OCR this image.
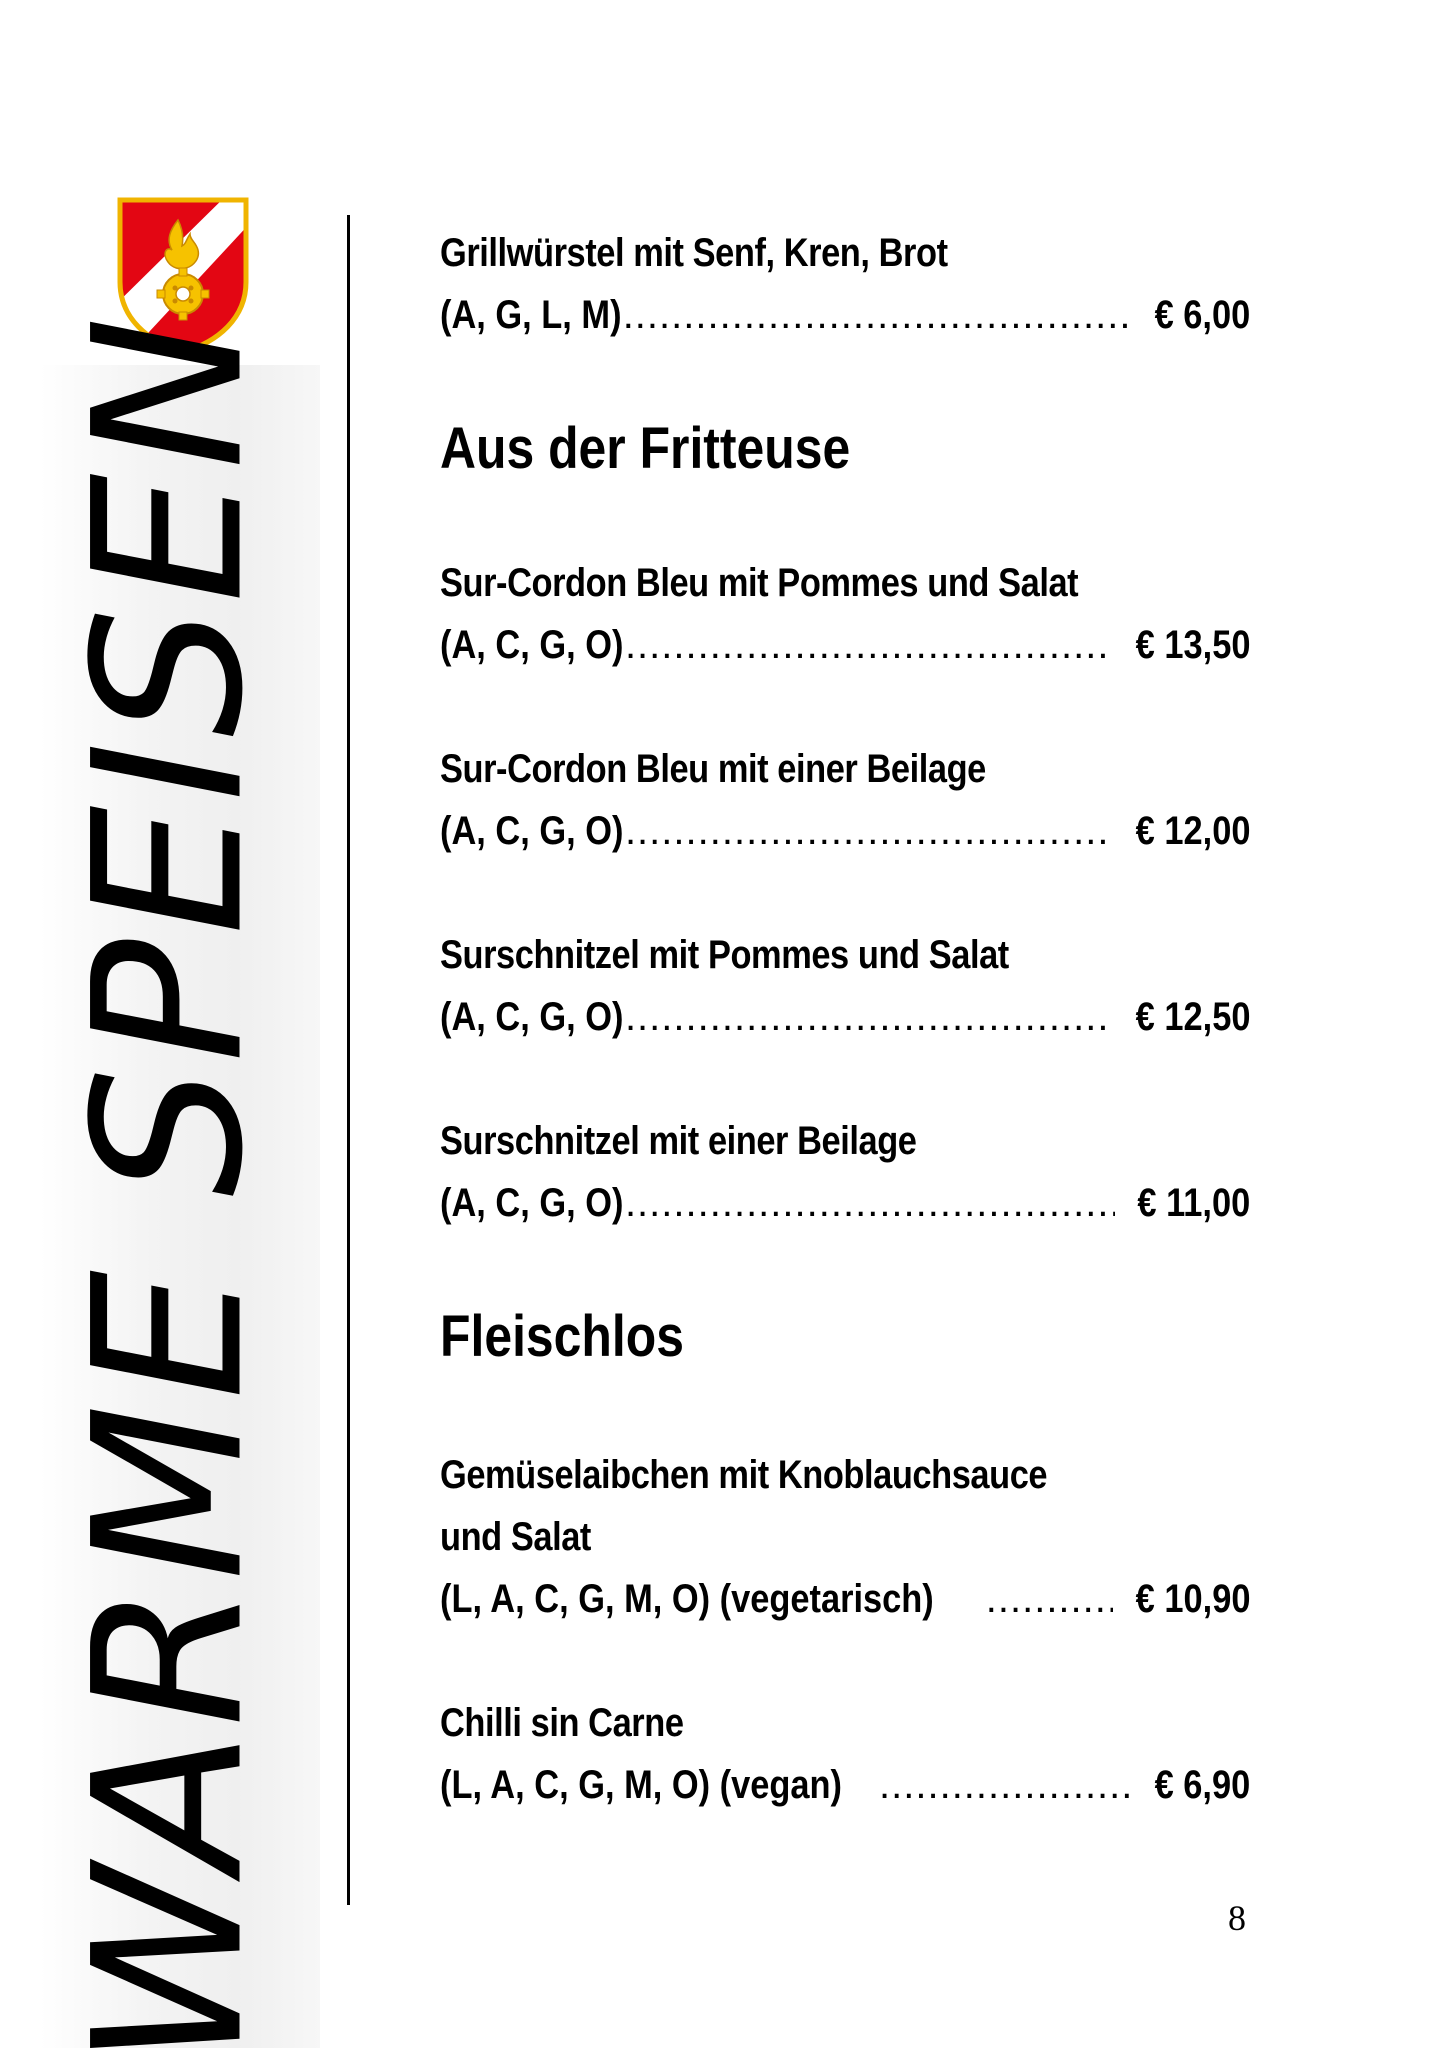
WARME SPEISEN
Grillwürstel mit Senf, Kren, Brot
(A, G, L, M) .....	€ 6,00
Aus der Fritteuse
Sur-Cordon Bleu mit Pommes und Salat
(A, C, G, O) .....	€ 13,50
Sur-Cordon Bleu mit einer Beilage
(A, C, G, O) .....	€ 12,00
Surschnitzel mit Pommes und Salat
(A, C, G, O) .....	€ 12,50
Surschnitzel mit einer Beilage
(A, C, G, O) .....	€ 11,00
Fleischlos
Gemüselaibchen mit Knoblauchsauce und Salat
(L, A, C, G, M, O) (vegetarisch) .....	€ 10,90
Chilli sin Carne
(L, A, C, G, M, O) (vegan) .....	€ 6,90
8
